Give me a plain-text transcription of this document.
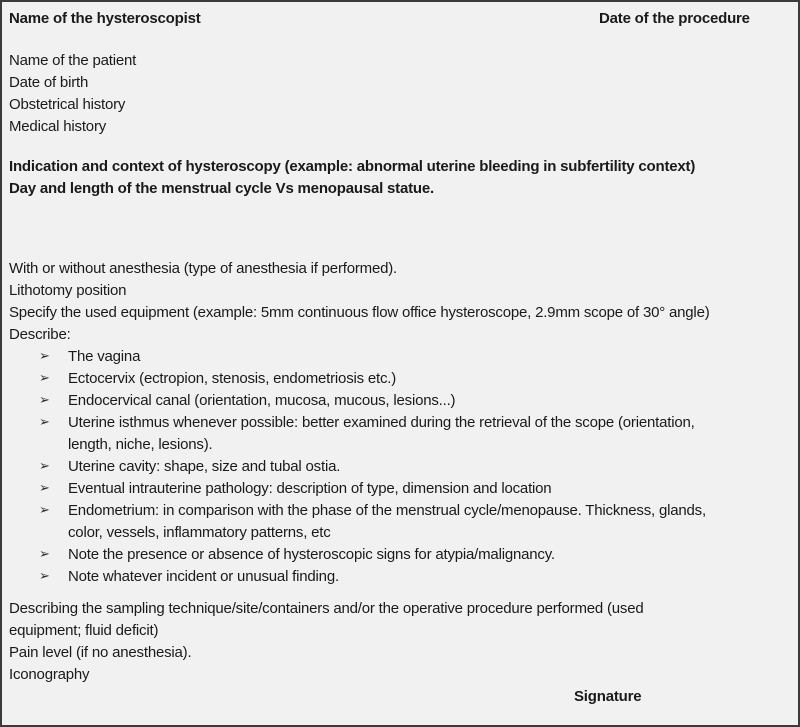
Name of the hysteroscopist	Date of the procedure
Name of the patient
Date of birth
Obstetrical history
Medical history
Indication and context of hysteroscopy (example: abnormal uterine bleeding in subfertility context)
Day and length of the menstrual cycle Vs menopausal statue.
With or without anesthesia (type of anesthesia if performed).
Lithotomy position
Specify the used equipment (example: 5mm continuous flow office hysteroscope, 2.9mm scope of 30° angle)
Describe:
➢	The vagina
➢	Ectocervix (ectropion, stenosis, endometriosis etc.)
➢	Endocervical canal (orientation, mucosa, mucous, lesions...)
➢	Uterine isthmus whenever possible: better examined during the retrieval of the scope (orientation,
length, niche, lesions).
➢	Uterine cavity: shape, size and tubal ostia.
➢	Eventual intrauterine pathology: description of type, dimension and location
➢	Endometrium: in comparison with the phase of the menstrual cycle/menopause. Thickness, glands,
color, vessels, inflammatory patterns, etc
➢	Note the presence or absence of hysteroscopic signs for atypia/malignancy.
➢	Note whatever incident or unusual finding.
Describing the sampling technique/site/containers and/or the operative procedure performed (used
equipment; fluid deficit)
Pain level (if no anesthesia).
Iconography
Signature
